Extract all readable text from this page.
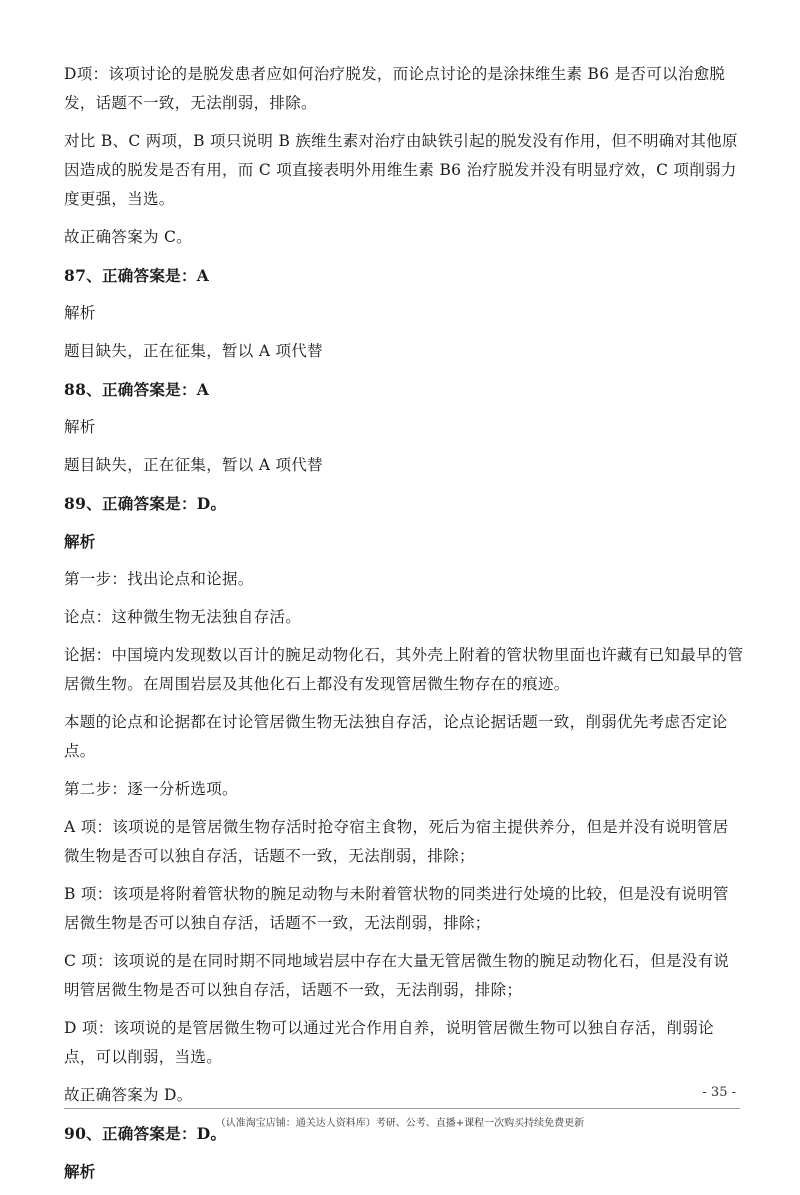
D项：该项讨论的是脱发患者应如何治疗脱发，而论点讨论的是涂抹维生素 B6 是否可以治愈脱发，话题不一致，无法削弱，排除。

对比 B、C 两项，B 项只说明 B 族维生素对治疗由缺铁引起的脱发没有作用，但不明确对其他原因造成的脱发是否有用，而 C 项直接表明外用维生素 B6 治疗脱发并没有明显疗效，C 项削弱力度更强，当选。

故正确答案为 C。

87、正确答案是：A

解析

题目缺失，正在征集，暂以 A 项代替

88、正确答案是：A

解析

题目缺失，正在征集，暂以 A 项代替

89、正确答案是：D。

解析

第一步：找出论点和论据。

论点：这种微生物无法独自存活。

论据：中国境内发现数以百计的腕足动物化石，其外壳上附着的管状物里面也许藏有已知最早的管居微生物。在周围岩层及其他化石上都没有发现管居微生物存在的痕迹。

本题的论点和论据都在讨论管居微生物无法独自存活，论点论据话题一致，削弱优先考虑否定论点。

第二步：逐一分析选项。

A 项：该项说的是管居微生物存活时抢夺宿主食物，死后为宿主提供养分，但是并没有说明管居微生物是否可以独自存活，话题不一致，无法削弱，排除；

B 项：该项是将附着管状物的腕足动物与未附着管状物的同类进行处境的比较，但是没有说明管居微生物是否可以独自存活，话题不一致，无法削弱，排除；

C 项：该项说的是在同时期不同地域岩层中存在大量无管居微生物的腕足动物化石，但是没有说明管居微生物是否可以独自存活，话题不一致，无法削弱，排除；

D 项：该项说的是管居微生物可以通过光合作用自养，说明管居微生物可以独自存活，削弱论点，可以削弱，当选。

故正确答案为 D。

90、正确答案是：D。

解析

- 35 -
（认准淘宝店铺：通关达人资料库）考研、公考、直播+课程一次购买持续免费更新
